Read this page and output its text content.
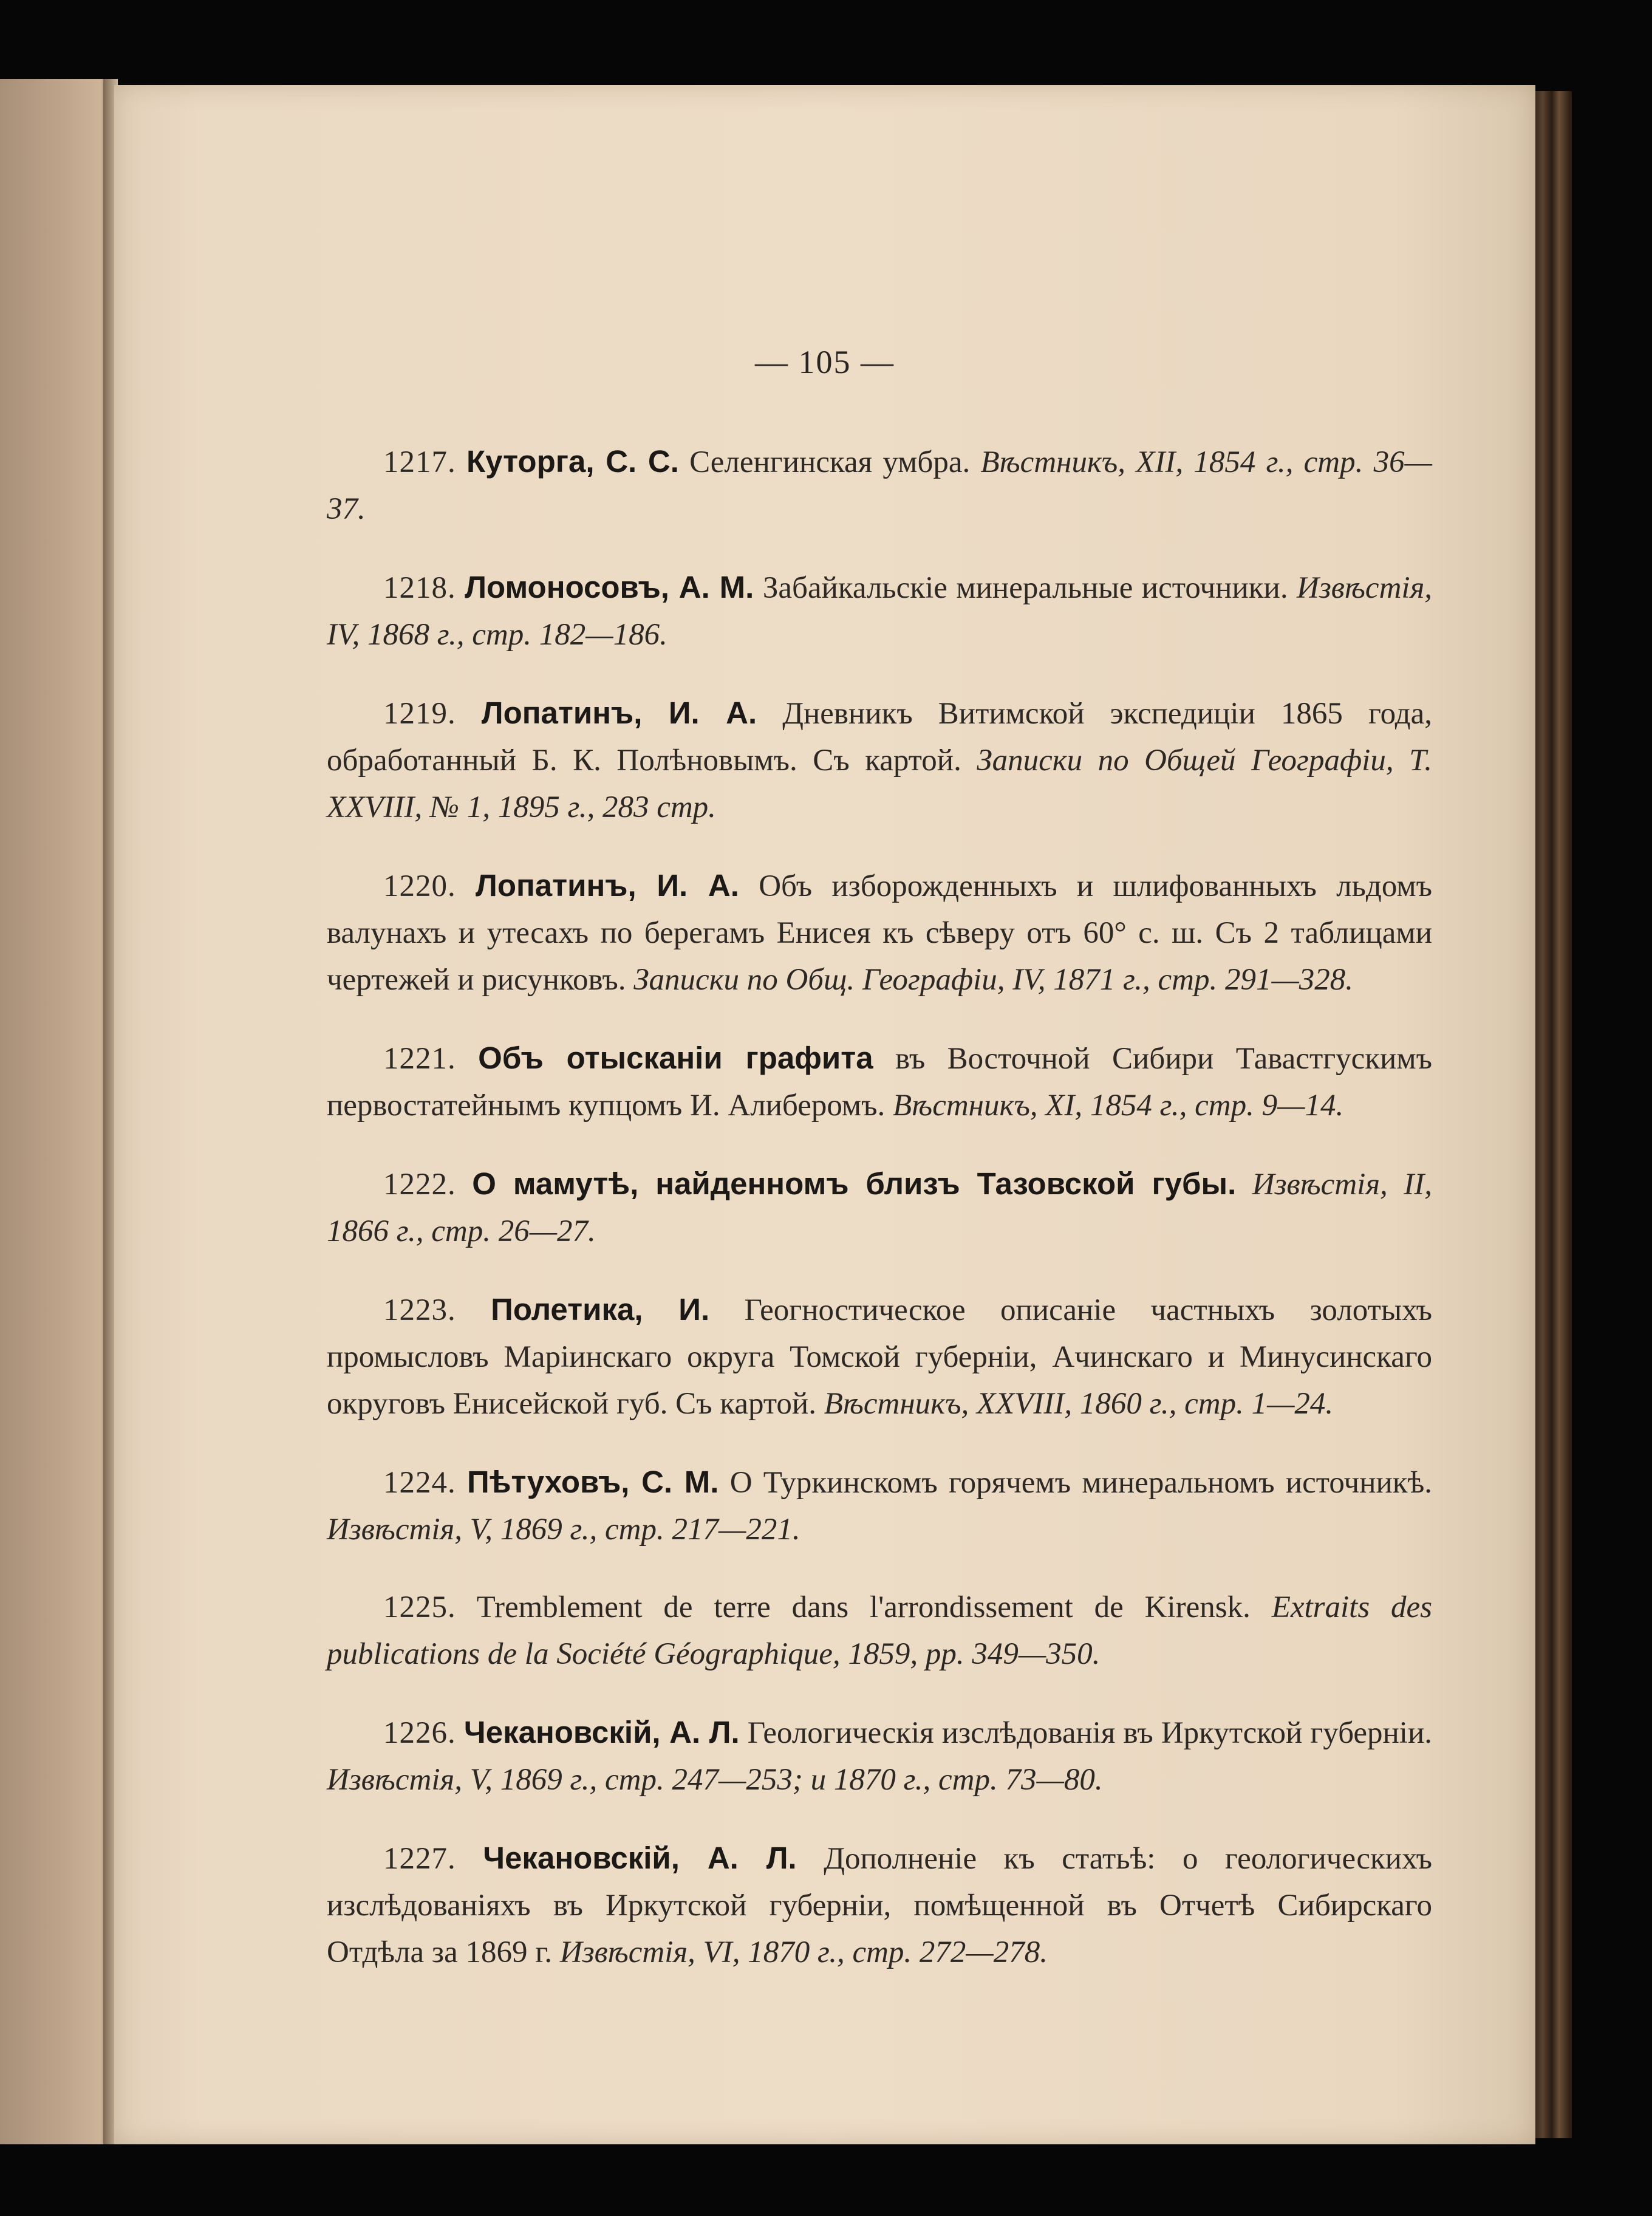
— 105 —

1217. Куторга, С. С. Селенгинская умбра. Вѣстникъ, XII, 1854 г., стр. 36—37.

1218. Ломоносовъ, А. М. Забайкальскіе минеральные источники. Извѣстія, IV, 1868 г., стр. 182—186.

1219. Лопатинъ, И. А. Дневникъ Витимской экспедиціи 1865 года, обработанный Б. К. Полѣновымъ. Съ картой. Записки по Общей Географіи, Т. XXVIII, № 1, 1895 г., 283 стр.

1220. Лопатинъ, И. А. Объ изборожденныхъ и шлифованныхъ льдомъ валунахъ и утесахъ по берегамъ Енисея къ сѣверу отъ 60° с. ш. Съ 2 таблицами чертежей и рисунковъ. Записки по Общ. Географіи, IV, 1871 г., стр. 291—328.

1221. Объ отысканіи графита въ Восточной Сибири Тавастгускимъ первостатейнымъ купцомъ И. Алиберомъ. Вѣстникъ, XI, 1854 г., стр. 9—14.

1222. О мамутѣ, найденномъ близъ Тазовской губы. Извѣстія, II, 1866 г., стр. 26—27.

1223. Полетика, И. Геогностическое описаніе частныхъ золотыхъ промысловъ Маріинскаго округа Томской губерніи, Ачинскаго и Минусинскаго округовъ Енисейской губ. Съ картой. Вѣстникъ, XXVIII, 1860 г., стр. 1—24.

1224. Пѣтуховъ, С. М. О Туркинскомъ горячемъ минеральномъ источникѣ. Извѣстія, V, 1869 г., стр. 217—221.

1225. Tremblement de terre dans l'arrondissement de Kirensk. Extraits des publications de la Société Géographique, 1859, pp. 349—350.

1226. Чекановскій, А. Л. Геологическія изслѣдованія въ Иркутской губерніи. Извѣстія, V, 1869 г., стр. 247—253; и 1870 г., стр. 73—80.

1227. Чекановскій, А. Л. Дополненіе къ статьѣ: о геологическихъ изслѣдованіяхъ въ Иркутской губерніи, помѣщенной въ Отчетѣ Сибирскаго Отдѣла за 1869 г. Извѣстія, VI, 1870 г., стр. 272—278.
